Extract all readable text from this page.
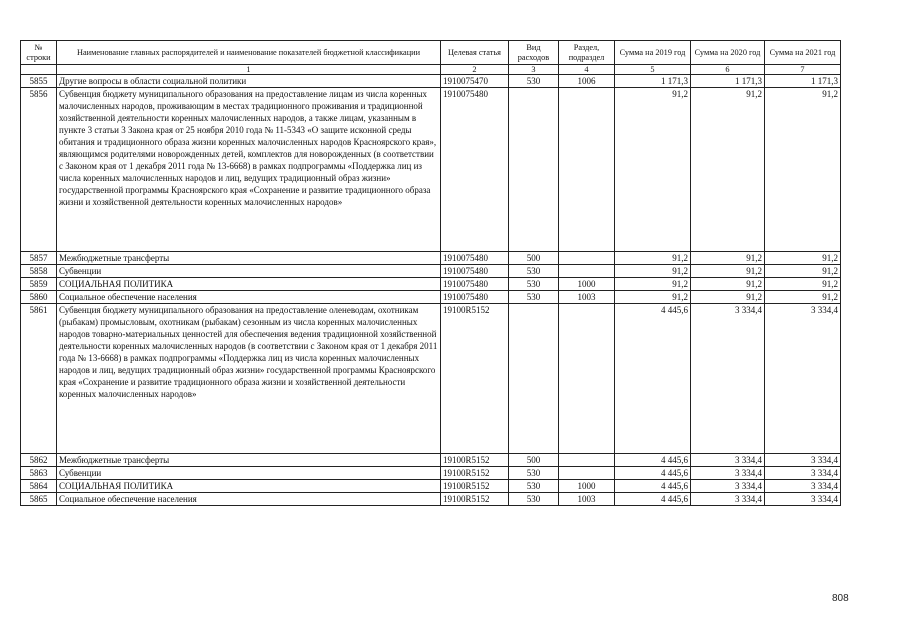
№ строки	Наименование главных распорядителей и наименование показателей бюджетной классификации	Целевая статья	Вид расходов	Раздел, подраздел	Сумма на 2019 год	Сумма на 2020 год	Сумма на 2021 год
	1	2	3	4	5	6	7
5855	Другие вопросы в области социальной политики	1910075470	530	1006	1 171,3	1 171,3	1 171,3
5856	Субвенция бюджету муниципального образования на предоставление лицам из числа коренных малочисленных народов, проживающим в местах традиционного проживания и традиционной хозяйственной деятельности коренных малочисленных народов, а также лицам, указанным в пункте 3 статьи 3 Закона края от 25 ноября 2010 года № 11-5343 «О защите исконной среды обитания и традиционного образа жизни коренных малочисленных народов Красноярского края», являющимся родителями новорожденных детей, комплектов для новорожденных (в соответствии с Законом края от 1 декабря 2011 года № 13-6668) в рамках подпрограммы «Поддержка лиц из числа коренных малочисленных народов и лиц, ведущих традиционный образ жизни» государственной программы Красноярского края «Сохранение и развитие традиционного образа жизни и хозяйственной деятельности коренных малочисленных народов»	1910075480			91,2	91,2	91,2
5857	Межбюджетные трансферты	1910075480	500		91,2	91,2	91,2
5858	Субвенции	1910075480	530		91,2	91,2	91,2
5859	СОЦИАЛЬНАЯ ПОЛИТИКА	1910075480	530	1000	91,2	91,2	91,2
5860	Социальное обеспечение населения	1910075480	530	1003	91,2	91,2	91,2
5861	Субвенция бюджету муниципального образования на предоставление оленеводам, охотникам (рыбакам) промысловым, охотникам (рыбакам) сезонным из числа коренных малочисленных народов товарно-материальных ценностей для обеспечения ведения традиционной хозяйственной деятельности коренных малочисленных народов (в соответствии с Законом края от 1 декабря 2011 года № 13-6668) в рамках подпрограммы «Поддержка лиц из числа коренных малочисленных народов и лиц, ведущих традиционный образ жизни» государственной программы Красноярского края «Сохранение и развитие традиционного образа жизни и хозяйственной деятельности коренных малочисленных народов»	19100R5152			4 445,6	3 334,4	3 334,4
5862	Межбюджетные трансферты	19100R5152	500		4 445,6	3 334,4	3 334,4
5863	Субвенции	19100R5152	530		4 445,6	3 334,4	3 334,4
5864	СОЦИАЛЬНАЯ ПОЛИТИКА	19100R5152	530	1000	4 445,6	3 334,4	3 334,4
5865	Социальное обеспечение населения	19100R5152	530	1003	4 445,6	3 334,4	3 334,4
808
